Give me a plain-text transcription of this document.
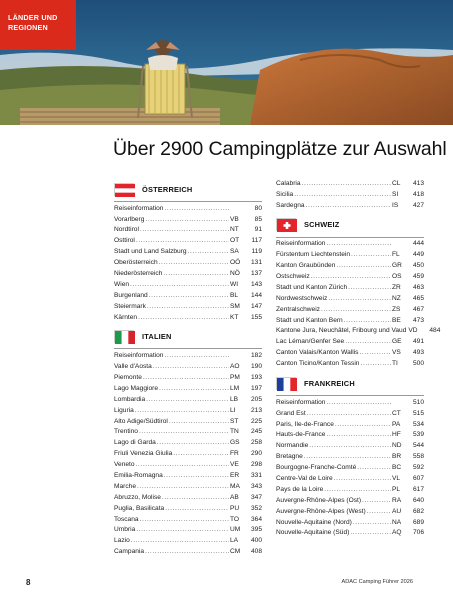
LÄNDER UND
REGIONEN
Über 2900 Campingplätze zur Auswahl
ÖSTERREICH
Reiseinformation .....	80
Vorarlberg .....	VB	85
Nordtirol .....	NT	91
Osttirol .....	OT	117
Stadt und Land Salzburg .....	SA	119
Oberösterreich .....	OÖ	131
Niederösterreich .....	NÖ	137
Wien .....	WI	143
Burgenland .....	BL	144
Steiermark .....	SM	147
Kärnten .....	KT	155
ITALIEN
Reiseinformation .....	182
Valle d'Aosta .....	AO	190
Piemonte .....	PM	193
Lago Maggiore .....	LM	197
Lombardia .....	LB	205
Liguria .....	LI	213
Alto Adige/Südtirol .....	ST	225
Trentino .....	TN	245
Lago di Garda .....	GS	258
Friuli Venezia Giulia .....	FR	290
Veneto .....	VE	298
Emilia-Romagna .....	ER	331
Marche .....	MA	343
Abruzzo, Molise .....	AB	347
Puglia, Basilicata .....	PU	352
Toscana .....	TO	364
Umbria .....	UM	395
Lazio .....	LA	400
Campania .....	CM	408
Calabria .....	CL	413
Sicilia .....	SI	418
Sardegna .....	IS	427
SCHWEIZ
Reiseinformation .....	444
Fürstentum Liechtenstein .....	FL	449
Kanton Graubünden .....	GR	450
Ostschweiz .....	OS	459
Stadt und Kanton Zürich .....	ZR	463
Nordwestschweiz .....	NZ	465
Zentralschweiz .....	ZS	467
Stadt und Kanton Bern .....	BE	473
Kantone Jura, Neuchâtel, Fribourg und Vaud VD	484
Lac Léman/Genfer See .....	GE	491
Canton Valais/Kanton Wallis .....	VS	493
Canton Ticino/Kanton Tessin .....	TI	500
FRANKREICH
Reiseinformation .....	510
Grand Est .....	CT	515
Paris, Ile-de-France .....	PA	534
Hauts-de-France .....	HF	539
Normandie .....	ND	544
Bretagne .....	BR	558
Bourgogne-Franche-Comté .....	BC	592
Centre-Val de Loire .....	VL	607
Pays de la Loire .....	PL	617
Auvergne-Rhône-Alpes (Ost) .....	RA	640
Auvergne-Rhône-Alpes (West) .....	AU	682
Nouvelle-Aquitaine (Nord) .....	NA	689
Nouvelle-Aquitaine (Süd) .....	AQ	706
8	ADAC Camping Führer 2026
